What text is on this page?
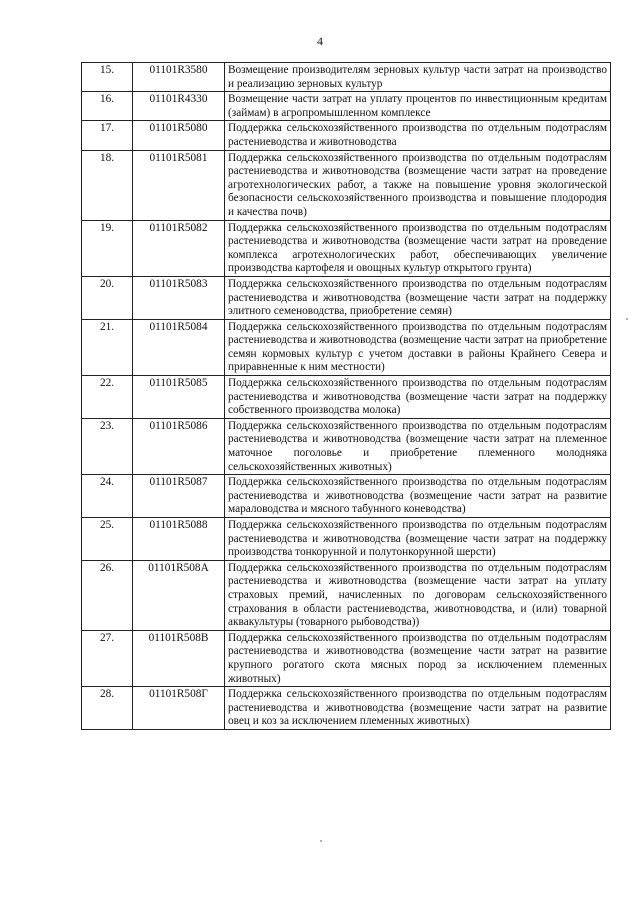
4
15.	01101R3580	Возмещение производителям зерновых культур части затрат на производство и реализацию зерновых культур
16.	01101R4330	Возмещение части затрат на уплату процентов по инвестиционным кредитам (займам) в агропромышленном комплексе
17.	01101R5080	Поддержка сельскохозяйственного производства по отдельным подотраслям растениеводства и животноводства
18.	01101R5081	Поддержка сельскохозяйственного производства по отдельным подотраслям растениеводства и животноводства (возмещение части затрат на проведение агротехнологических работ, а также на повышение уровня экологической безопасности сельскохозяйственного производства и повышение плодородия и качества почв)
19.	01101R5082	Поддержка сельскохозяйственного производства по отдельным подотраслям растениеводства и животноводства (возмещение части затрат на проведение комплекса агротехнологических работ, обеспечивающих увеличение производства картофеля и овощных культур открытого грунта)
20.	01101R5083	Поддержка сельскохозяйственного производства по отдельным подотраслям растениеводства и животноводства (возмещение части затрат на поддержку элитного семеноводства, приобретение семян)
21.	01101R5084	Поддержка сельскохозяйственного производства по отдельным подотраслям растениеводства и животноводства (возмещение части затрат на приобретение семян кормовых культур с учетом доставки в районы Крайнего Севера и приравненные к ним местности)
22.	01101R5085	Поддержка сельскохозяйственного производства по отдельным подотраслям растениеводства и животноводства (возмещение части затрат на поддержку собственного производства молока)
23.	01101R5086	Поддержка сельскохозяйственного производства по отдельным подотраслям растениеводства и животноводства (возмещение части затрат на племенное маточное поголовье и приобретение племенного молодняка сельскохозяйственных животных)
24.	01101R5087	Поддержка сельскохозяйственного производства по отдельным подотраслям растениеводства и животноводства (возмещение части затрат на развитие мараловодства и мясного табунного коневодства)
25.	01101R5088	Поддержка сельскохозяйственного производства по отдельным подотраслям растениеводства и животноводства (возмещение части затрат на поддержку производства тонкорунной и полутонкорунной шерсти)
26.	01101R508A	Поддержка сельскохозяйственного производства по отдельным подотраслям растениеводства и животноводства (возмещение части затрат на уплату страховых премий, начисленных по договорам сельскохозяйственного страхования в области растениеводства, животноводства, и (или) товарной аквакультуры (товарного рыбоводства))
27.	01101R508B	Поддержка сельскохозяйственного производства по отдельным подотраслям растениеводства и животноводства (возмещение части затрат на развитие крупного рогатого скота мясных пород за исключением племенных животных)
28.	01101R508Г	Поддержка сельскохозяйственного производства по отдельным подотраслям растениеводства и животноводства (возмещение части затрат на развитие овец и коз за исключением племенных животных)
